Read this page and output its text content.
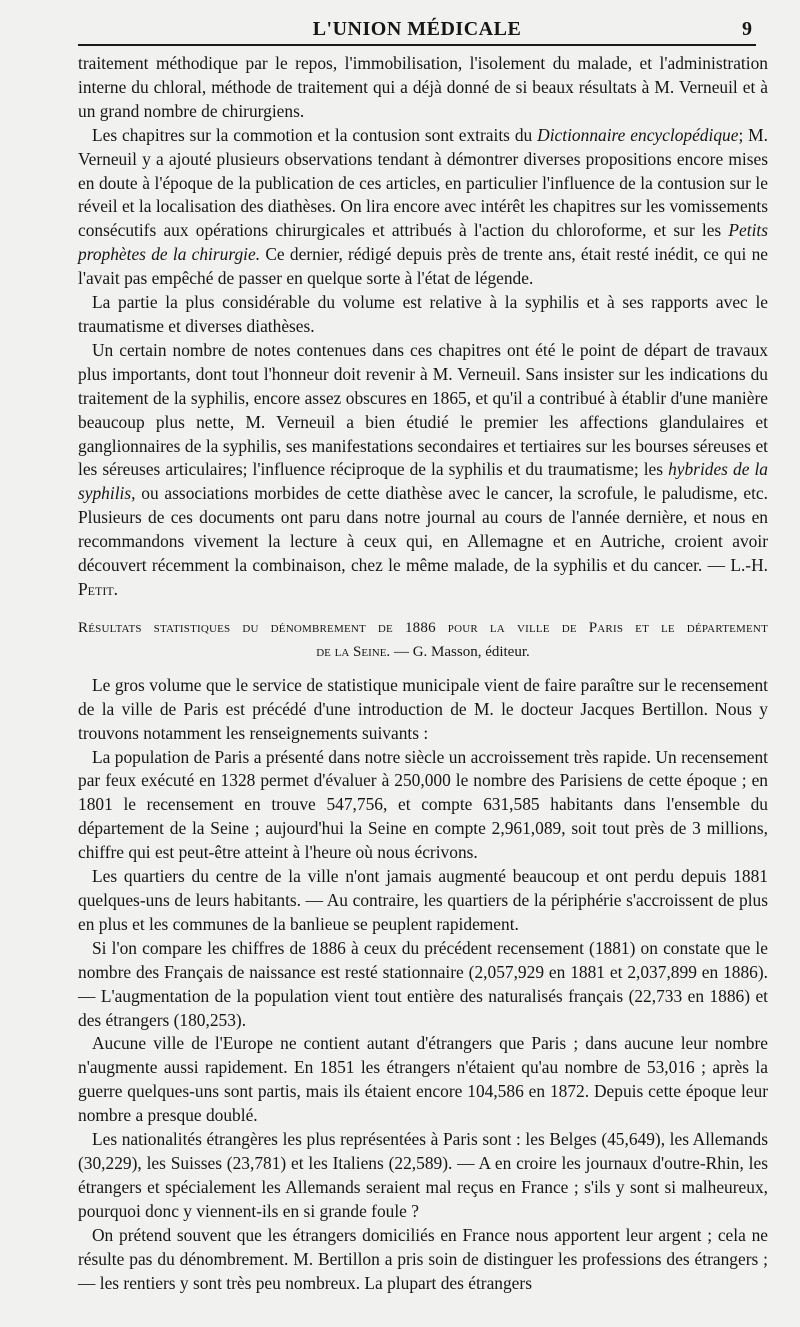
L'UNION MÉDICALE	9

traitement méthodique par le repos, l'immobilisation, l'isolement du malade, et l'administration interne du chloral, méthode de traitement qui a déjà donné de si beaux résultats à M. Verneuil et à un grand nombre de chirurgiens.

Les chapitres sur la commotion et la contusion sont extraits du Dictionnaire encyclopédique; M. Verneuil y a ajouté plusieurs observations tendant à démontrer diverses propositions encore mises en doute à l'époque de la publication de ces articles, en particulier l'influence de la contusion sur le réveil et la localisation des diathèses. On lira encore avec intérêt les chapitres sur les vomissements consécutifs aux opérations chirurgicales et attribués à l'action du chloroforme, et sur les Petits prophètes de la chirurgie. Ce dernier, rédigé depuis près de trente ans, était resté inédit, ce qui ne l'avait pas empêché de passer en quelque sorte à l'état de légende.

La partie la plus considérable du volume est relative à la syphilis et à ses rapports avec le traumatisme et diverses diathèses.

Un certain nombre de notes contenues dans ces chapitres ont été le point de départ de travaux plus importants, dont tout l'honneur doit revenir à M. Verneuil. Sans insister sur les indications du traitement de la syphilis, encore assez obscures en 1865, et qu'il a contribué à établir d'une manière beaucoup plus nette, M. Verneuil a bien étudié le premier les affections glandulaires et ganglionnaires de la syphilis, ses manifestations secondaires et tertiaires sur les bourses séreuses et les séreuses articulaires; l'influence réciproque de la syphilis et du traumatisme; les hybrides de la syphilis, ou associations morbides de cette diathèse avec le cancer, la scrofule, le paludisme, etc. Plusieurs de ces documents ont paru dans notre journal au cours de l'année dernière, et nous en recommandons vivement la lecture à ceux qui, en Allemagne et en Autriche, croient avoir découvert récemment la combinaison, chez le même malade, de la syphilis et du cancer. — L.-H. Petit.

Résultats statistiques du dénombrement de 1886 pour la ville de Paris et le département
de la Seine. — G. Masson, éditeur.

Le gros volume que le service de statistique municipale vient de faire paraître sur le recensement de la ville de Paris est précédé d'une introduction de M. le docteur Jacques Bertillon. Nous y trouvons notamment les renseignements suivants :

La population de Paris a présenté dans notre siècle un accroissement très rapide. Un recensement par feux exécuté en 1328 permet d'évaluer à 250,000 le nombre des Parisiens de cette époque ; en 1801 le recensement en trouve 547,756, et compte 631,585 habitants dans l'ensemble du département de la Seine ; aujourd'hui la Seine en compte 2,961,089, soit tout près de 3 millions, chiffre qui est peut-être atteint à l'heure où nous écrivons.

Les quartiers du centre de la ville n'ont jamais augmenté beaucoup et ont perdu depuis 1881 quelques-uns de leurs habitants. — Au contraire, les quartiers de la périphérie s'accroissent de plus en plus et les communes de la banlieue se peuplent rapidement.

Si l'on compare les chiffres de 1886 à ceux du précédent recensement (1881) on constate que le nombre des Français de naissance est resté stationnaire (2,057,929 en 1881 et 2,037,899 en 1886). — L'augmentation de la population vient tout entière des naturalisés français (22,733 en 1886) et des étrangers (180,253).

Aucune ville de l'Europe ne contient autant d'étrangers que Paris ; dans aucune leur nombre n'augmente aussi rapidement. En 1851 les étrangers n'étaient qu'au nombre de 53,016 ; après la guerre quelques-uns sont partis, mais ils étaient encore 104,586 en 1872. Depuis cette époque leur nombre a presque doublé.

Les nationalités étrangères les plus représentées à Paris sont : les Belges (45,649), les Allemands (30,229), les Suisses (23,781) et les Italiens (22,589). — A en croire les journaux d'outre-Rhin, les étrangers et spécialement les Allemands seraient mal reçus en France ; s'ils y sont si malheureux, pourquoi donc y viennent-ils en si grande foule ?

On prétend souvent que les étrangers domiciliés en France nous apportent leur argent ; cela ne résulte pas du dénombrement. M. Bertillon a pris soin de distinguer les professions des étrangers ; — les rentiers y sont très peu nombreux. La plupart des étrangers
